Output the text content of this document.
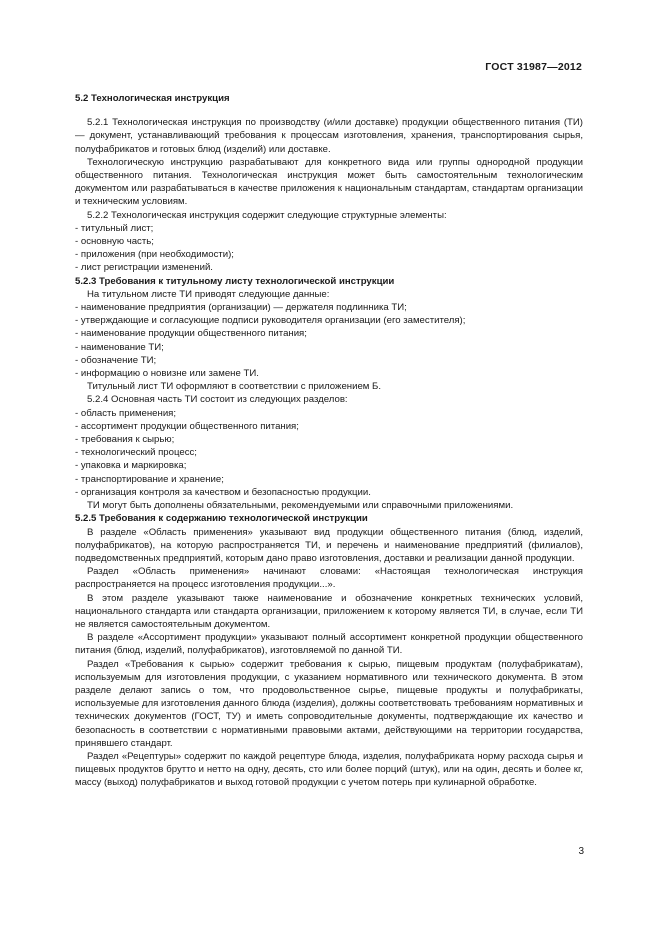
ГОСТ 31987—2012

5.2 Технологическая инструкция

5.2.1 Технологическая инструкция по производству (и/или доставке) продукции общественного питания (ТИ) — документ, устанавливающий требования к процессам изготовления, хранения, транспортирования сырья, полуфабрикатов и готовых блюд (изделий) или доставке.

Технологическую инструкцию разрабатывают для конкретного вида или группы однородной продукции общественного питания. Технологическая инструкция может быть самостоятельным технологическим документом или разрабатываться в качестве приложения к национальным стандартам, стандартам организации и техническим условиям.

5.2.2 Технологическая инструкция содержит следующие структурные элементы:

- титульный лист;

- основную часть;

- приложения (при необходимости);

- лист регистрации изменений.

5.2.3 Требования к титульному листу технологической инструкции

На титульном листе ТИ приводят следующие данные:

- наименование предприятия (организации) — держателя подлинника ТИ;

- утверждающие и согласующие подписи руководителя организации (его заместителя);

- наименование продукции общественного питания;

- наименование ТИ;

- обозначение ТИ;

- информацию о новизне или замене ТИ.

Титульный лист ТИ оформляют в соответствии с приложением Б.

5.2.4 Основная часть ТИ состоит из следующих разделов:

- область применения;

- ассортимент продукции общественного питания;

- требования к сырью;

- технологический процесс;

- упаковка и маркировка;

- транспортирование и хранение;

- организация контроля за качеством и безопасностью продукции.

ТИ могут быть дополнены обязательными, рекомендуемыми или справочными приложениями.

5.2.5 Требования к содержанию технологической инструкции

В разделе «Область применения» указывают вид продукции общественного питания (блюд, изделий, полуфабрикатов), на которую распространяется ТИ, и перечень и наименование предприятий (филиалов), подведомственных предприятий, которым дано право изготовления, доставки и реализации данной продукции.

Раздел «Область применения» начинают словами: «Настоящая технологическая инструкция распространяется на процесс изготовления продукции...».

В этом разделе указывают также наименование и обозначение конкретных технических условий, национального стандарта или стандарта организации, приложением к которому является ТИ, в случае, если ТИ не является самостоятельным документом.

В разделе «Ассортимент продукции» указывают полный ассортимент конкретной продукции общественного питания (блюд, изделий, полуфабрикатов), изготовляемой по данной ТИ.

Раздел «Требования к сырью» содержит требования к сырью, пищевым продуктам (полуфабрикатам), используемым для изготовления продукции, с указанием нормативного или технического документа. В этом разделе делают запись о том, что продовольственное сырье, пищевые продукты и полуфабрикаты, используемые для изготовления данного блюда (изделия), должны соответствовать требованиям нормативных и технических документов (ГОСТ, ТУ) и иметь сопроводительные документы, подтверждающие их качество и безопасность в соответствии с нормативными правовыми актами, действующими на территории государства, принявшего стандарт.

Раздел «Рецептуры» содержит по каждой рецептуре блюда, изделия, полуфабриката норму расхода сырья и пищевых продуктов брутто и нетто на одну, десять, сто или более порций (штук), или на один, десять и более кг, массу (выход) полуфабрикатов и выход готовой продукции с учетом потерь при кулинарной обработке.

3
